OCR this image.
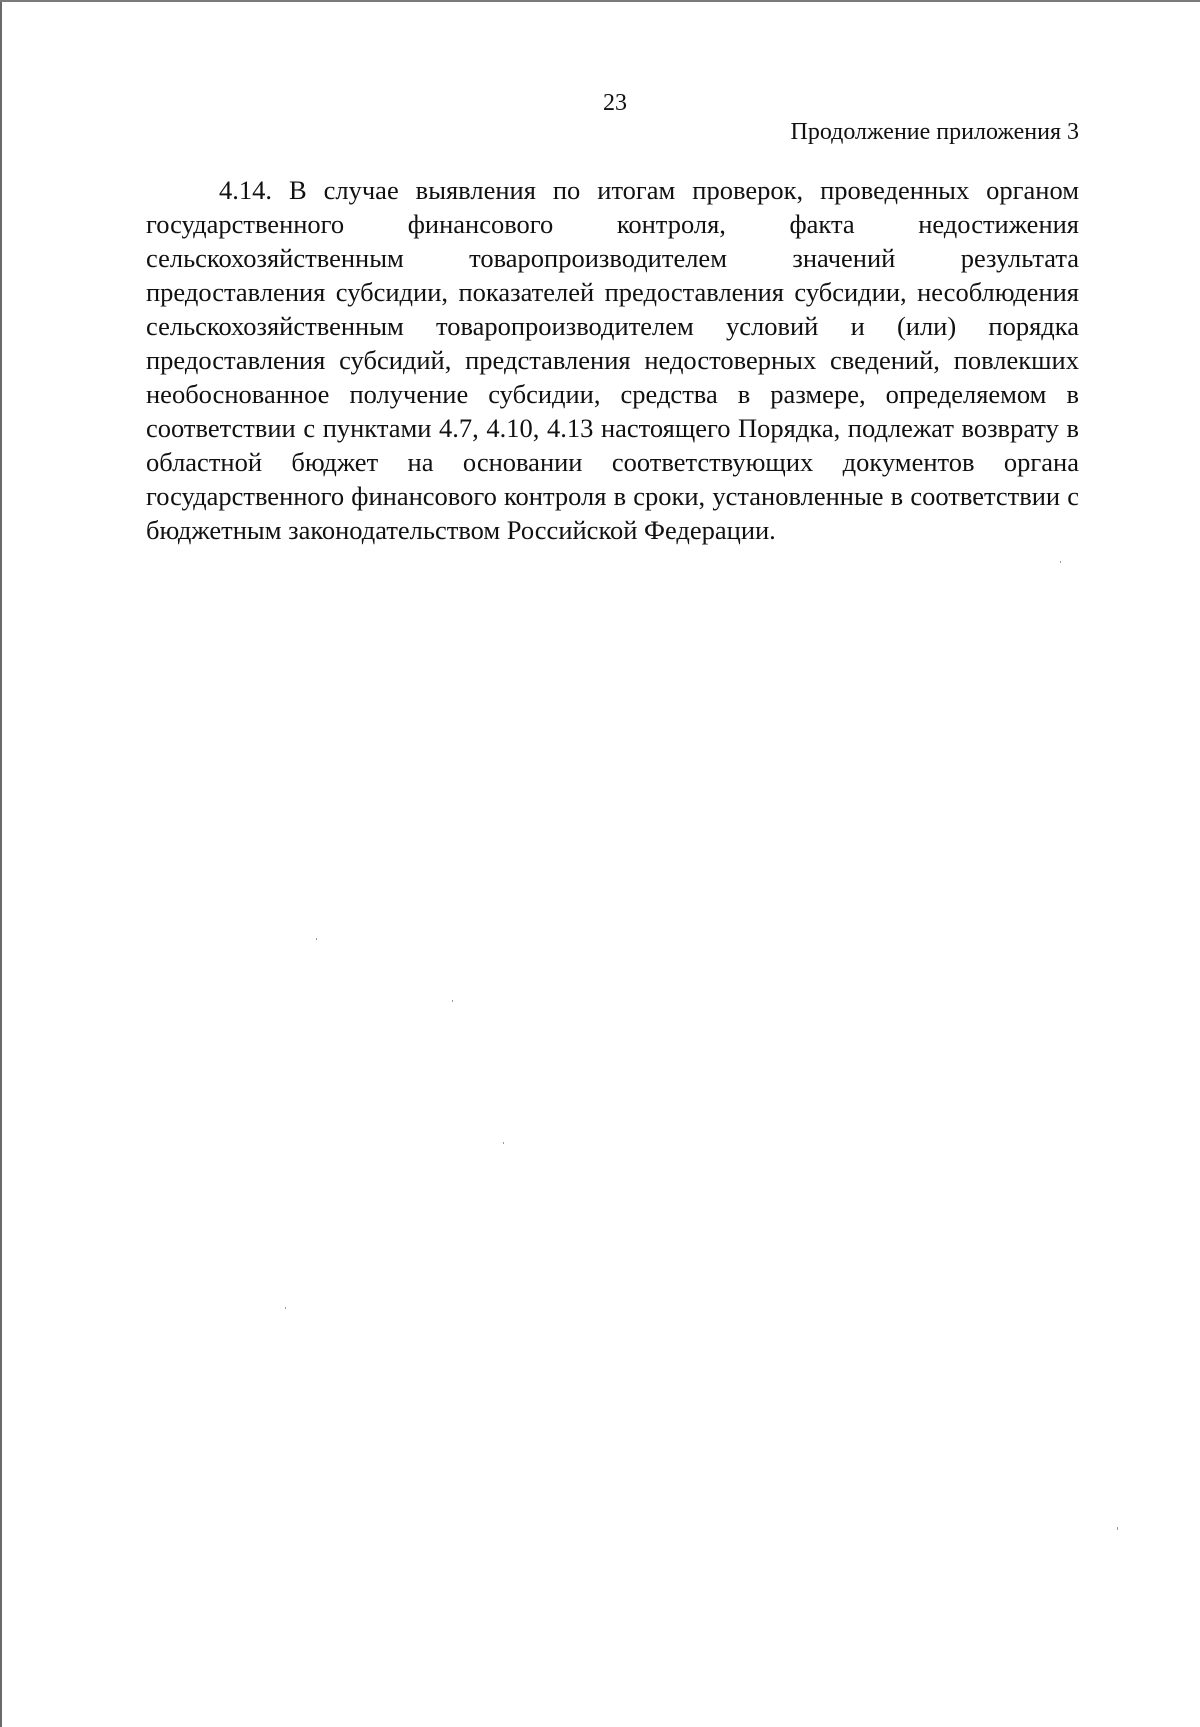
23
Продолжение приложения 3

4.14. В случае выявления по итогам проверок, проведенных органом государственного финансового контроля, факта недостижения сельскохозяйственным товаропроизводителем значений результата предоставления субсидии, показателей предоставления субсидии, несоблюдения сельскохозяйственным товаропроизводителем условий и (или) порядка предоставления субсидий, представления недостоверных сведений, повлекших необоснованное получение субсидии, средства в размере, определяемом в соответствии с пунктами 4.7, 4.10, 4.13 настоящего Порядка, подлежат возврату в областной бюджет на основании соответствующих документов органа государственного финансового контроля в сроки, установленные в соответствии с бюджетным законодательством Российской Федерации.
